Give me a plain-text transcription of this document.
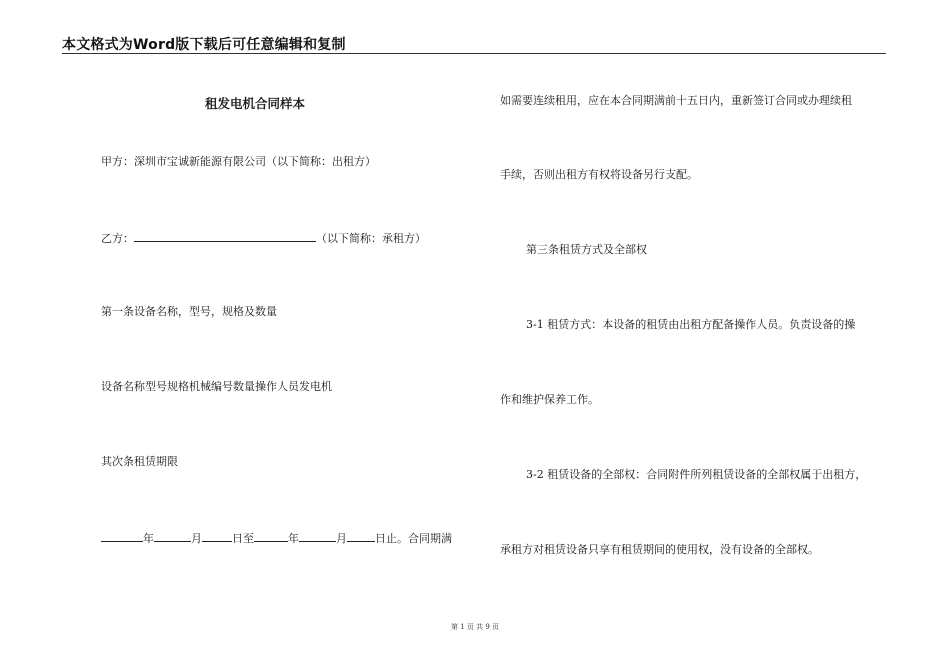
本文格式为Word版下载后可任意编辑和复制
租发电机合同样本
甲方：深圳市宝诚新能源有限公司（以下简称：出租方）
乙方：	（以下简称：承租方）
第一条设备名称，型号，规格及数量
设备名称型号规格机械编号数量操作人员发电机
其次条租赁期限
年	月	日至	年	月	日止。合同期满
如需要连续租用，应在本合同期满前十五日内，重新签订合同或办理续租
手续，否则出租方有权将设备另行支配。
第三条租赁方式及全部权
3-1 租赁方式：本设备的租赁由出租方配备操作人员。负责设备的操
作和维护保养工作。
3-2 租赁设备的全部权：合同附件所列租赁设备的全部权属于出租方，
承租方对租赁设备只享有租赁期间的使用权，没有设备的全部权。
第 1 页 共 9 页
